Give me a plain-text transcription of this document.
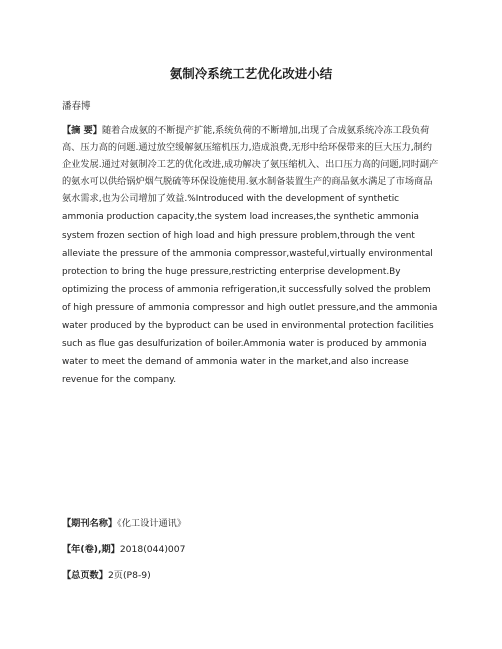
氨制冷系统工艺优化改进小结

潘春博

【摘 要】随着合成氨的不断提产扩能,系统负荷的不断增加,出现了合成氨系统冷冻工段负荷高、压力高的问题.通过放空缓解氨压缩机压力,造成浪费,无形中给环保带来的巨大压力,制约企业发展.通过对氨制冷工艺的优化改进,成功解决了氨压缩机入、出口压力高的问题,同时副产的氨水可以供给锅炉烟气脱硫等环保设施使用.氨水制备装置生产的商品氨水满足了市场商品氨水需求,也为公司增加了效益.%Introduced with the development of synthetic ammonia production capacity,the system load increases,the synthetic ammonia system frozen section of high load and high pressure problem,through the vent alleviate the pressure of the ammonia compressor,wasteful,virtually environmental protection to bring the huge pressure,restricting enterprise development.By optimizing the process of ammonia refrigeration,it successfully solved the problem of high pressure of ammonia compressor and high outlet pressure,and the ammonia water produced by the byproduct can be used in environmental protection facilities such as flue gas desulfurization of boiler.Ammonia water is produced by ammonia water to meet the demand of ammonia water in the market,and also increase revenue for the company.

【期刊名称】《化工设计通讯》

【年(卷),期】2018(044)007

【总页数】2页(P8-9)
